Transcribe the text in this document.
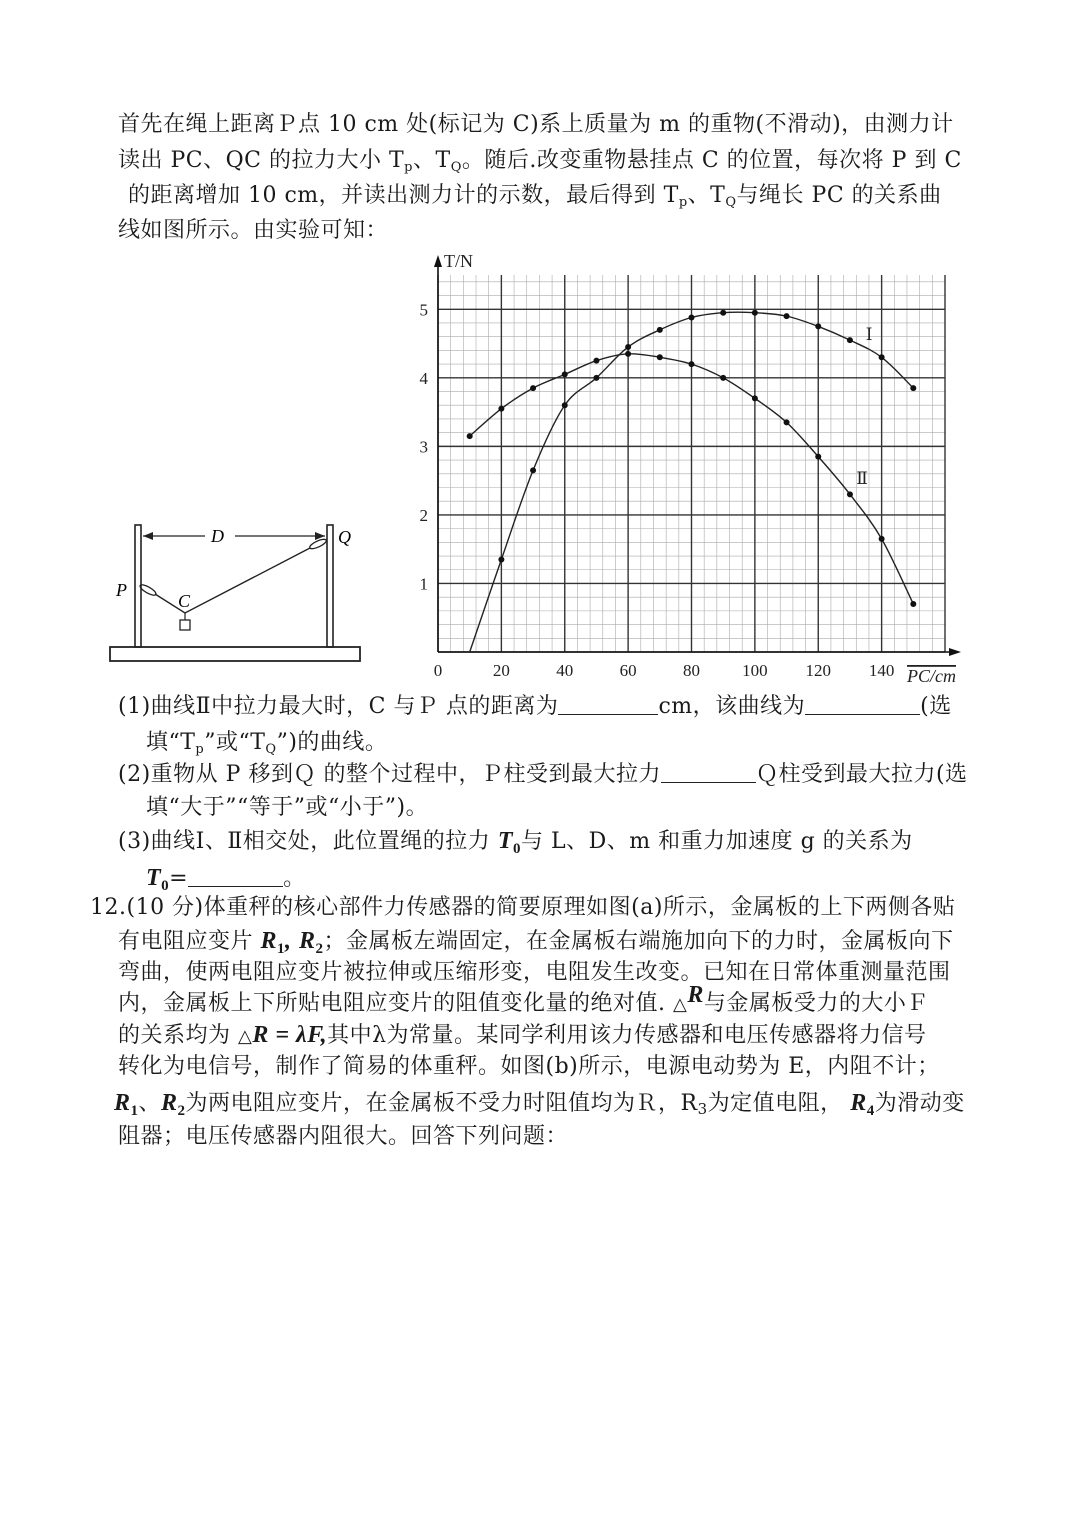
首先在绳上距离Ｐ点 10 cm 处(标记为 C)系上质量为 m 的重物(不滑动)，由测力计
读出 PC、QC 的拉力大小 $T_p$、$T_Q$。随后.改变重物悬挂点 C 的位置，每次将 P 到 C
的距离增加 10 cm，并读出测力计的示数，最后得到 $T_p$、$T_Q$与绳长 PC 的关系曲
线如图所示。由实验可知：
D	Q
P
C
0	20	40	60	80 100 120 140
1
2
3
4
5
T/N
PC/cm
Ⅰ
Ⅱ
(1)曲线Ⅱ中拉力最大时，C 与Ｐ 点的距离为	cm，该曲线为	(选
填“$T_p$”或“$T_Q$”)的曲线。
(2)重物从 P 移到Ｑ 的整个过程中，Ｐ柱受到最大拉力	Ｑ柱受到最大拉力(选
填“大于”“等于”或“小于”)。
(3)曲线Ⅰ、Ⅱ相交处，此位置绳的拉力 $T_0$与 L、D、m 和重力加速度 g 的关系为
$T_0=$	。
12.(10 分)体重秤的核心部件力传感器的简要原理如图(a)所示，金属板的上下两侧各贴
有电阻应变片 $R_1$, $R_2$；金属板左端固定，在金属板右端施加向下的力时，金属板向下
弯曲，使两电阻应变片被拉伸或压缩形变，电阻发生改变。已知在日常体重测量范围
内，金属板上下所贴电阻应变片的阻值变化量的绝对值. △R与金属板受力的大小Ｆ
的关系均为 △R = λF,其中λ为常量。某同学利用该力传感器和电压传感器将力信号
转化为电信号，制作了简易的体重秤。如图(b)所示，电源电动势为 E，内阻不计；
$R_1$、$R_2$为两电阻应变片，在金属板不受力时阻值均为Ｒ，$R_3$为定值电阻， $R_4$为滑动变
阻器；电压传感器内阻很大。回答下列问题：
